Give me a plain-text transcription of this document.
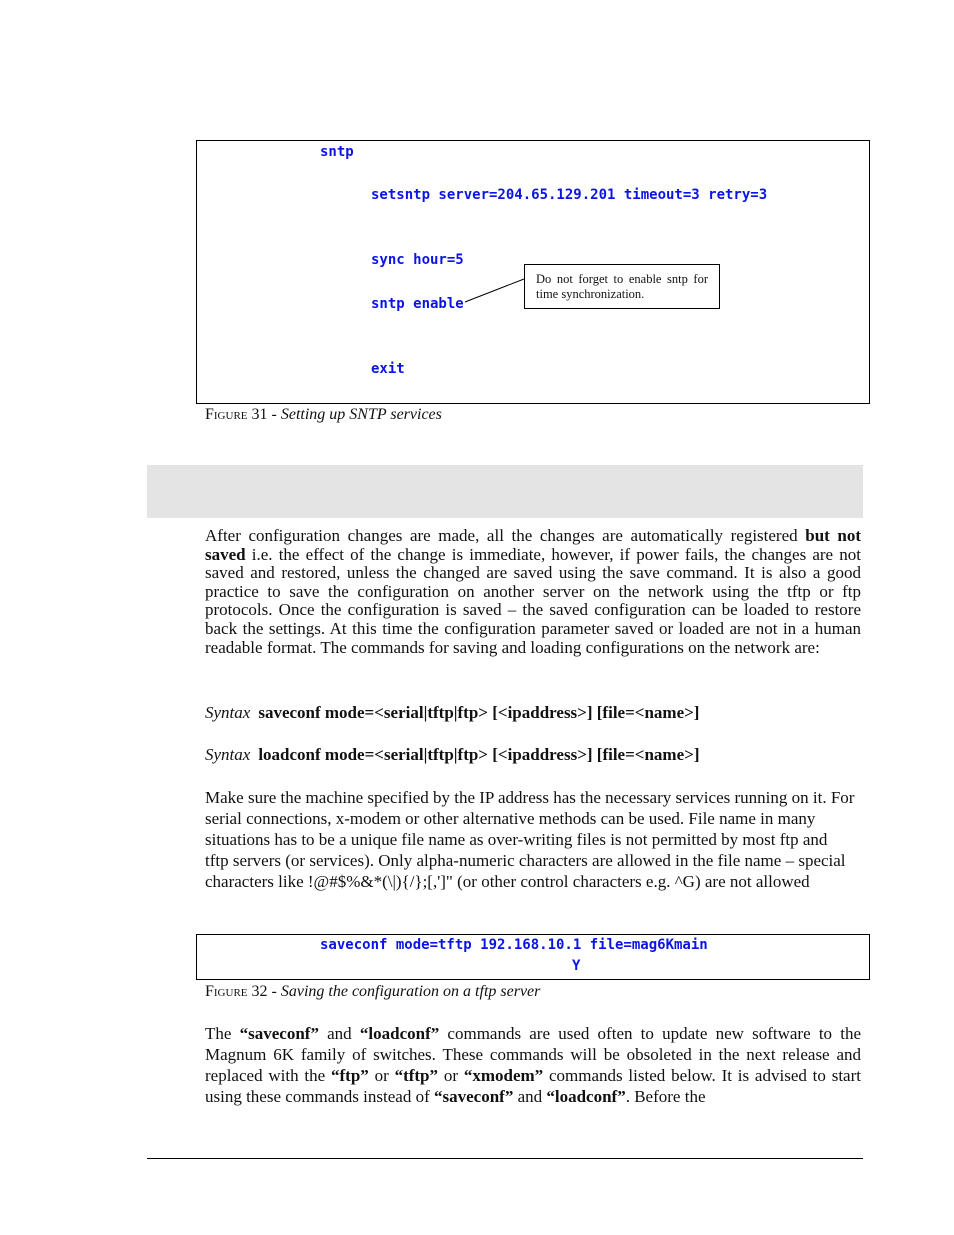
sntp
setsntp server=204.65.129.201 timeout=3 retry=3
sync hour=5
sntp enable
exit
Do not forget to enable sntp for time synchronization.
Figure 31 - Setting up SNTP services

After configuration changes are made, all the changes are automatically registered but not saved i.e. the effect of the change is immediate, however, if power fails, the changes are not saved and restored, unless the changed are saved using the save command. It is also a good practice to save the configuration on another server on the network using the tftp or ftp protocols. Once the configuration is saved – the saved configuration can be loaded to restore back the settings. At this time the configuration parameter saved or loaded are not in a human readable format. The commands for saving and loading configurations on the network are:

Syntax saveconf mode=<serial|tftp|ftp> [<ipaddress>] [file=<name>]
Syntax loadconf mode=<serial|tftp|ftp> [<ipaddress>] [file=<name>]

Make sure the machine specified by the IP address has the necessary services running on it. For serial connections, x-modem or other alternative methods can be used. File name in many situations has to be a unique file name as over-writing files is not permitted by most ftp and tftp servers (or services). Only alpha-numeric characters are allowed in the file name – special characters like !@#$%&*(\|){/};[,']" (or other control characters e.g. ^G) are not allowed

saveconf mode=tftp 192.168.10.1 file=mag6Kmain
Y
Figure 32 - Saving the configuration on a tftp server

The “saveconf” and “loadconf” commands are used often to update new software to the Magnum 6K family of switches. These commands will be obsoleted in the next release and replaced with the “ftp” or “tftp” or “xmodem” commands listed below. It is advised to start using these commands instead of “saveconf” and “loadconf”. Before the
